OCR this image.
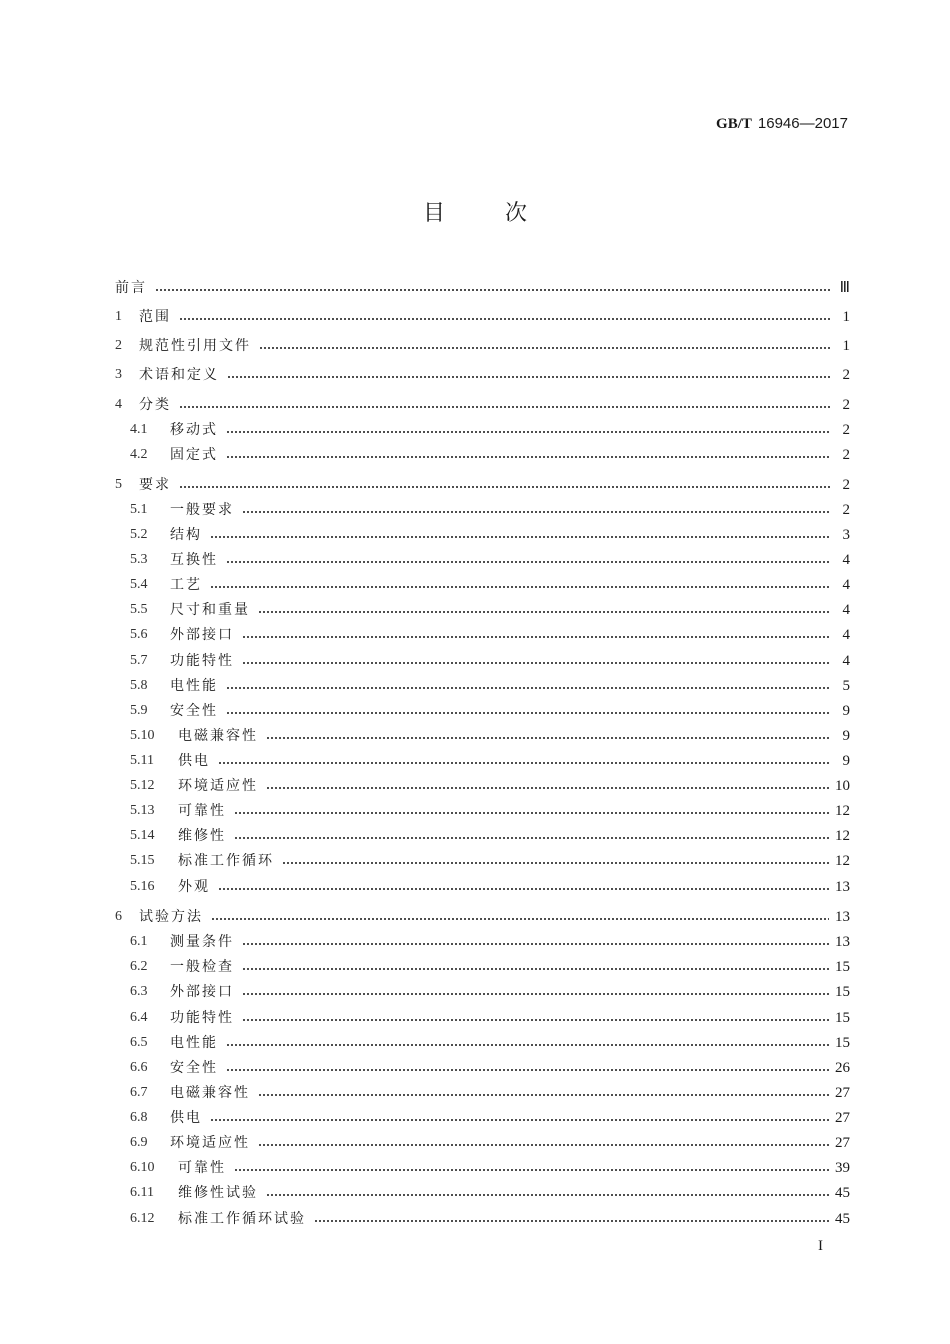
GB/T 16946—2017
目	次
前言	Ⅲ
1	范围	1
2	规范性引用文件	1
3	术语和定义	2
4	分类	2
4.1	移动式	2
4.2	固定式	2
5	要求	2
5.1	一般要求	2
5.2	结构	3
5.3	互换性	4
5.4	工艺	4
5.5	尺寸和重量	4
5.6	外部接口	4
5.7	功能特性	4
5.8	电性能	5
5.9	安全性	9
5.10	电磁兼容性	9
5.11	供电	9
5.12	环境适应性	10
5.13	可靠性	12
5.14	维修性	12
5.15	标准工作循环	12
5.16	外观	13
6	试验方法	13
6.1	测量条件	13
6.2	一般检查	15
6.3	外部接口	15
6.4	功能特性	15
6.5	电性能	15
6.6	安全性	26
6.7	电磁兼容性	27
6.8	供电	27
6.9	环境适应性	27
6.10	可靠性	39
6.11	维修性试验	45
6.12	标准工作循环试验	45
I
